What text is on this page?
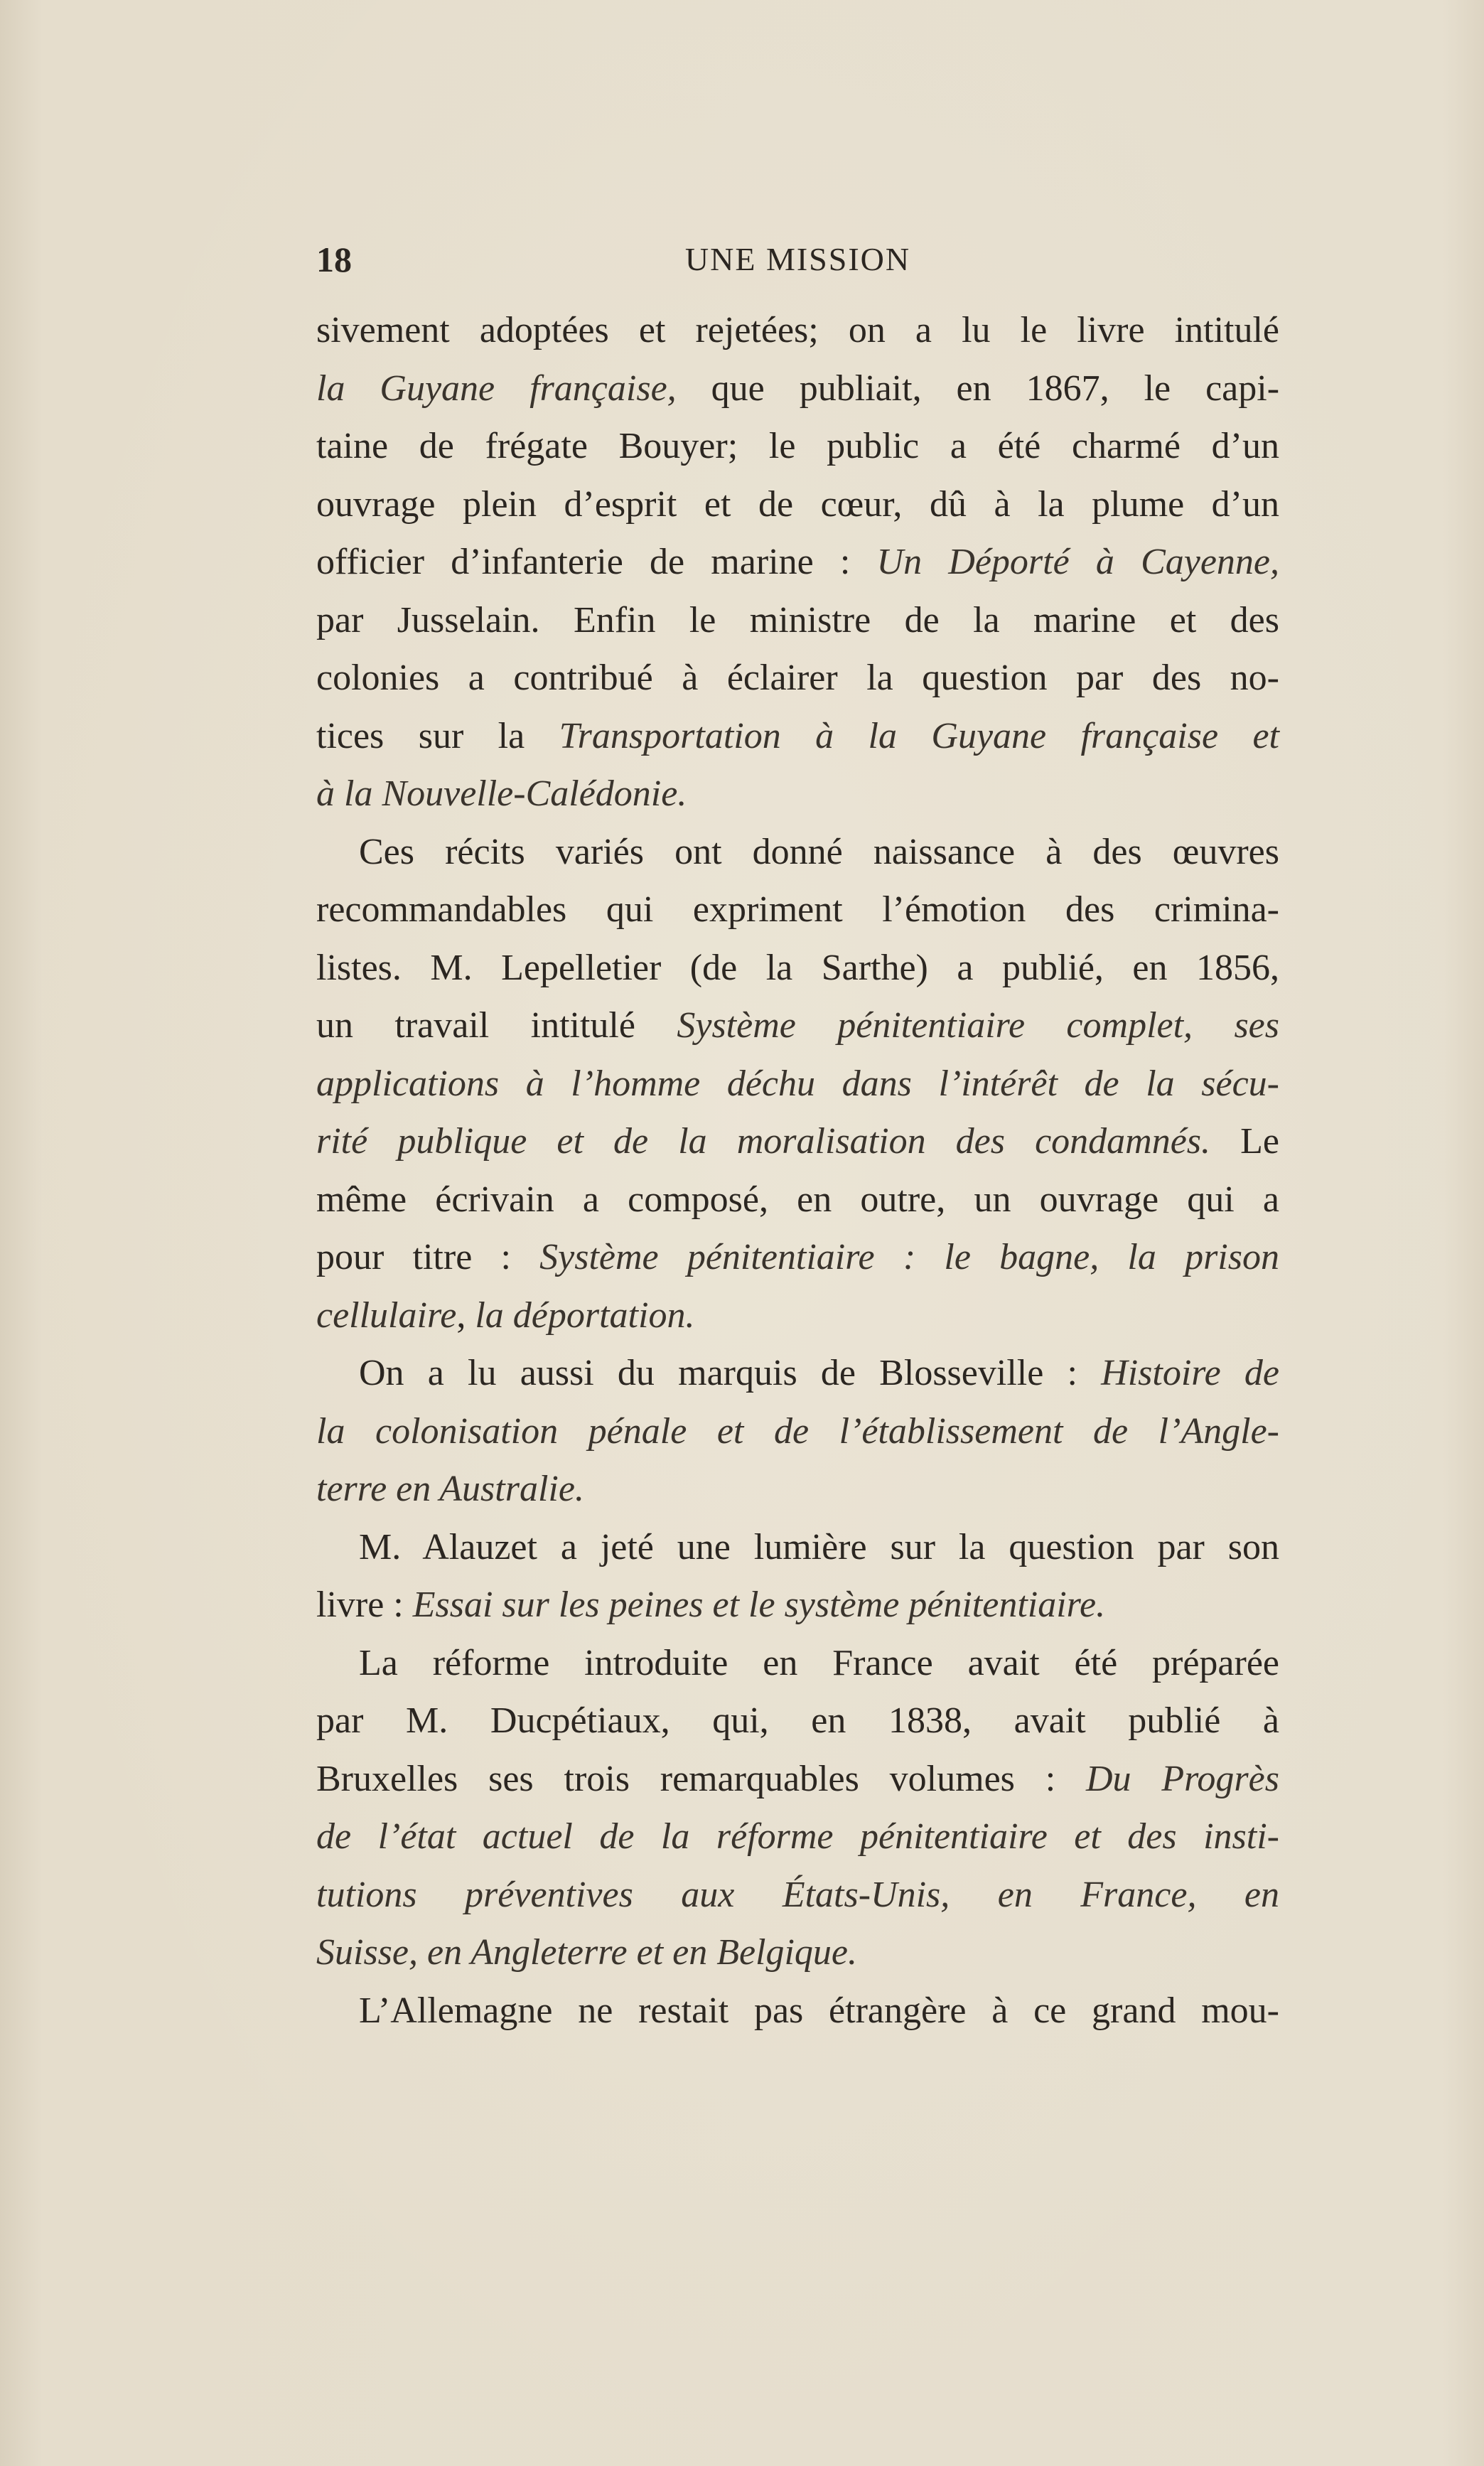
18	UNE MISSION
sivement adoptées et rejetées; on a lu le livre intitulé
la Guyane française, que publiait, en 1867, le capi-
taine de frégate Bouyer; le public a été charmé d’un
ouvrage plein d’esprit et de cœur, dû à la plume d’un
officier d’infanterie de marine : Un Déporté à Cayenne,
par Jusselain. Enfin le ministre de la marine et des
colonies a contribué à éclairer la question par des no-
tices sur la Transportation à la Guyane française et
à la Nouvelle-Calédonie.
Ces récits variés ont donné naissance à des œuvres
recommandables qui expriment l’émotion des crimina-
listes. M. Lepelletier (de la Sarthe) a publié, en 1856,
un travail intitulé Système pénitentiaire complet, ses
applications à l’homme déchu dans l’intérêt de la sécu-
rité publique et de la moralisation des condamnés. Le
même écrivain a composé, en outre, un ouvrage qui a
pour titre : Système pénitentiaire : le bagne, la prison
cellulaire, la déportation.
On a lu aussi du marquis de Blosseville : Histoire de
la colonisation pénale et de l’établissement de l’Angle-
terre en Australie.
M. Alauzet a jeté une lumière sur la question par son
livre : Essai sur les peines et le système pénitentiaire.
La réforme introduite en France avait été préparée
par M. Ducpétiaux, qui, en 1838, avait publié à
Bruxelles ses trois remarquables volumes : Du Progrès
de l’état actuel de la réforme pénitentiaire et des insti-
tutions préventives aux États-Unis, en France, en
Suisse, en Angleterre et en Belgique.
L’Allemagne ne restait pas étrangère à ce grand mou-
